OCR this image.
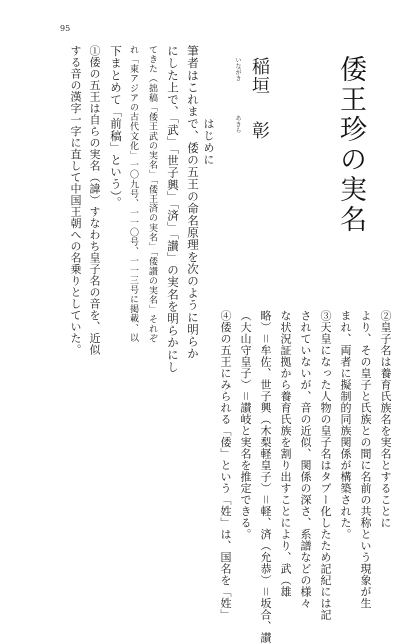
95
倭王珍の実名
いながき 稲垣
あきら 彰
はじめに
筆者はこれまで、倭の五王の命名原理を次のように明らか
にした上で、「武」「世子興」「済」「讃」の実名を明らかにし
てきた（拙稿「倭王武の実名」「倭王済の実名」「倭讃の実名」それぞ
れ「東アジアの古代文化」一〇九号、一一〇号、一一三号に掲載、以
下まとめて「前稿」という）。
①倭の五王は自らの実名（諱）すなわち皇子名の音を、近似
する音の漢字一字に直して中国王朝への名乗りとしていた。
②皇子名は養育氏族名を実名とすることに
より、その皇子と氏族との間に名前の共称という現象が生
まれ、両者に擬制的同族関係が構築された。
③天皇になった人物の皇子名はタブー化したため記紀には記
されていないが、音の近似、関係の深さ、系譜などの様々
な状況証拠から養育氏族を割り出すことにより、武（雄
略）＝牟佐、世子興（木梨軽皇子）＝軽、済（允恭）＝坂合、讃
（大山守皇子）＝讃岐と実名を推定できる。
④倭の五王にみられる「倭」という「姓」は、国名を「姓」
